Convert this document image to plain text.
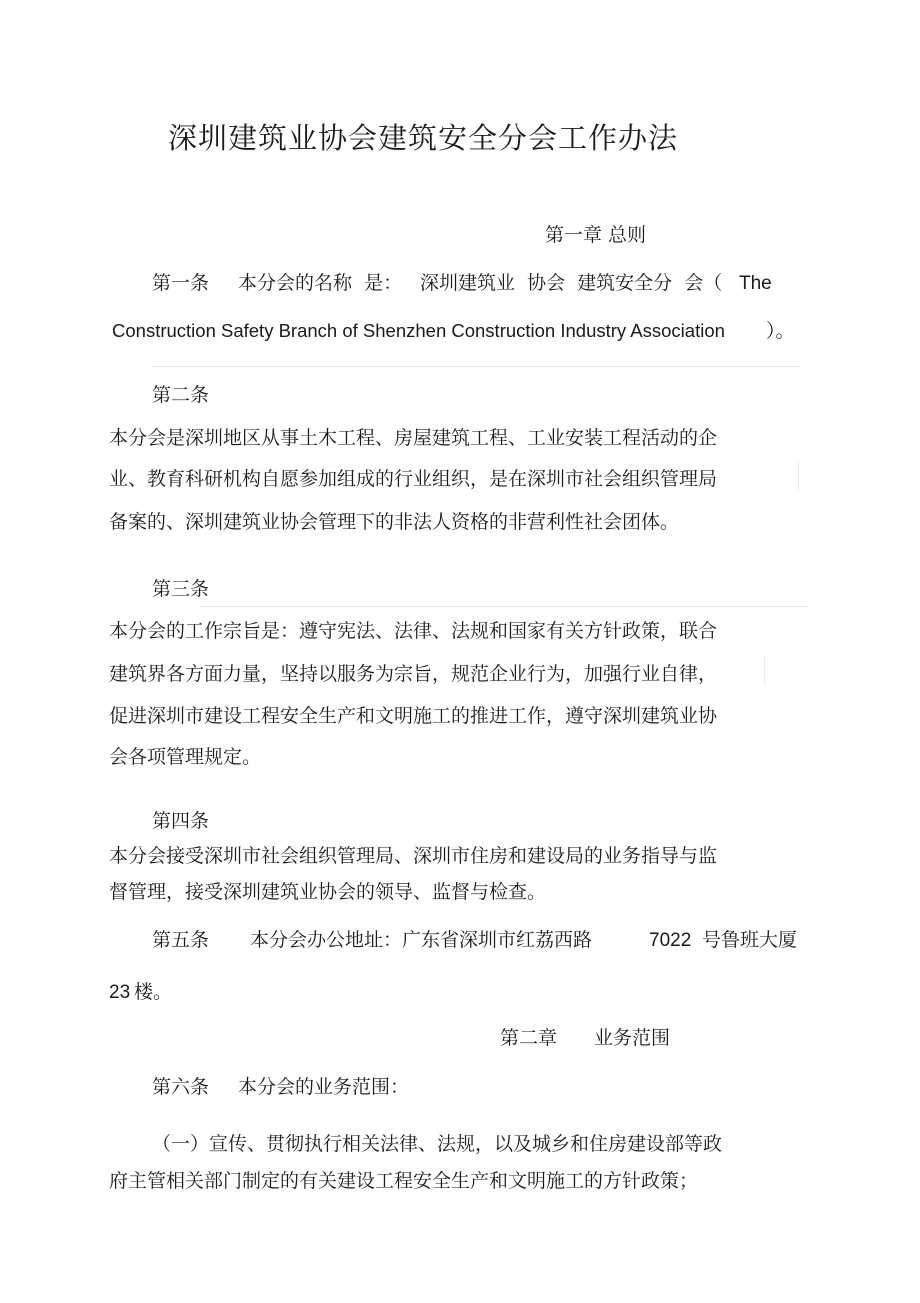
深圳建筑业协会建筑安全分会工作办法
第一章 总则
第一条 本分会的名称  是： 深圳建筑业  协会  建筑安全分  会（ The
Construction Safety Branch of Shenzhen Construction Industry Association ）。
第二条
本分会是深圳地区从事土木工程、房屋建筑工程、工业安装工程活动的企
业、教育科研机构自愿参加组成的行业组织，是在深圳市社会组织管理局
备案的、深圳建筑业协会管理下的非法人资格的非营利性社会团体。
第三条
本分会的工作宗旨是：遵守宪法、法律、法规和国家有关方针政策，联合
建筑界各方面力量，坚持以服务为宗旨，规范企业行为，加强行业自律，
促进深圳市建设工程安全生产和文明施工的推进工作，遵守深圳建筑业协
会各项管理规定。
第四条
本分会接受深圳市社会组织管理局、深圳市住房和建设局的业务指导与监
督管理，接受深圳建筑业协会的领导、监督与检查。
第五条 本分会办公地址：广东省深圳市红荔西路	7022 号鲁班大厦
23 楼。
第二章 业务范围
第六条 本分会的业务范围：
（一）宣传、贯彻执行相关法律、法规，以及城乡和住房建设部等政
府主管相关部门制定的有关建设工程安全生产和文明施工的方针政策；
